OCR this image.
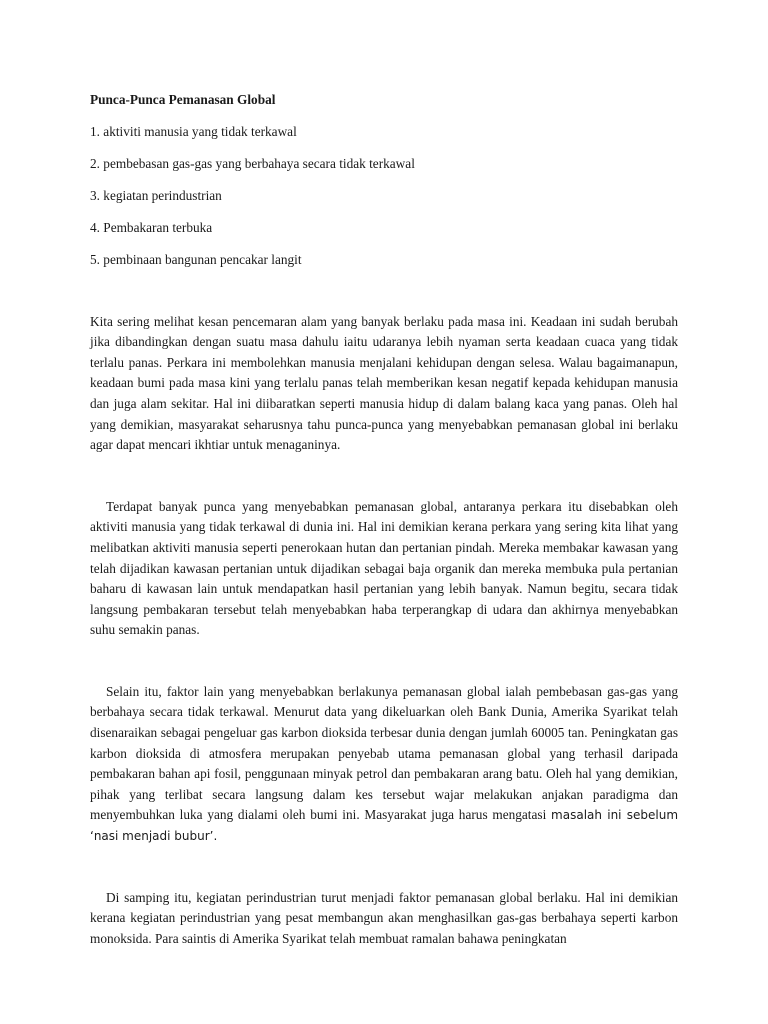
Punca-Punca Pemanasan Global
1. aktiviti manusia yang tidak terkawal
2. pembebasan gas-gas yang berbahaya secara tidak terkawal
3. kegiatan perindustrian
4. Pembakaran terbuka
5. pembinaan bangunan pencakar langit

Kita sering melihat kesan pencemaran alam yang banyak berlaku pada masa ini. Keadaan ini sudah berubah jika dibandingkan dengan suatu masa dahulu iaitu udaranya lebih nyaman serta keadaan cuaca yang tidak terlalu panas. Perkara ini membolehkan manusia menjalani kehidupan dengan selesa. Walau bagaimanapun, keadaan bumi pada masa kini yang terlalu panas telah memberikan kesan negatif kepada kehidupan manusia dan juga alam sekitar. Hal ini diibaratkan seperti manusia hidup di dalam balang kaca yang panas. Oleh hal yang demikian, masyarakat seharusnya tahu punca-punca yang menyebabkan pemanasan global ini berlaku agar dapat mencari ikhtiar untuk menaganinya.

Terdapat banyak punca yang menyebabkan pemanasan global, antaranya perkara itu disebabkan oleh aktiviti manusia yang tidak terkawal di dunia ini. Hal ini demikian kerana perkara yang sering kita lihat yang melibatkan aktiviti manusia seperti penerokaan hutan dan pertanian pindah. Mereka membakar kawasan yang telah dijadikan kawasan pertanian untuk dijadikan sebagai baja organik dan mereka membuka pula pertanian baharu di kawasan lain untuk mendapatkan hasil pertanian yang lebih banyak. Namun begitu, secara tidak langsung pembakaran tersebut telah menyebabkan haba terperangkap di udara dan akhirnya menyebabkan suhu semakin panas.

Selain itu, faktor lain yang menyebabkan berlakunya pemanasan global ialah pembebasan gas-gas yang berbahaya secara tidak terkawal. Menurut data yang dikeluarkan oleh Bank Dunia, Amerika Syarikat telah disenaraikan sebagai pengeluar gas karbon dioksida terbesar dunia dengan jumlah 60005 tan. Peningkatan gas karbon dioksida di atmosfera merupakan penyebab utama pemanasan global yang terhasil daripada pembakaran bahan api fosil, penggunaan minyak petrol dan pembakaran arang batu. Oleh hal yang demikian, pihak yang terlibat secara langsung dalam kes tersebut wajar melakukan anjakan paradigma dan menyembuhkan luka yang dialami oleh bumi ini. Masyarakat juga harus mengatasi masalah ini sebelum ‘nasi menjadi bubur’.

Di samping itu, kegiatan perindustrian turut menjadi faktor pemanasan global berlaku. Hal ini demikian kerana kegiatan perindustrian yang pesat membangun akan menghasilkan gas-gas berbahaya seperti karbon monoksida. Para saintis di Amerika Syarikat telah membuat ramalan bahawa peningkatan
